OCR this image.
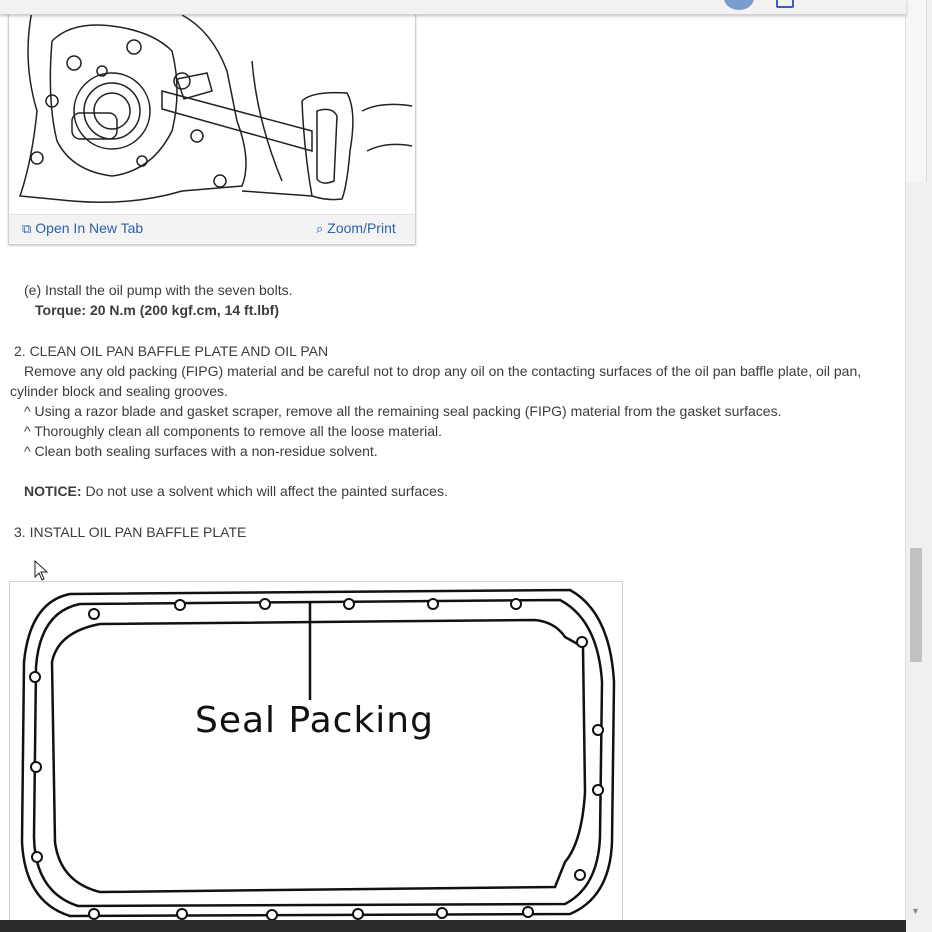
⧉ Open In New Tab	⌕ Zoom/Print
(e) Install the oil pump with the seven bolts.
Torque: 20 N.m (200 kgf.cm, 14 ft.lbf)
2. CLEAN OIL PAN BAFFLE PLATE AND OIL PAN
Remove any old packing (FIPG) material and be careful not to drop any oil on the contacting surfaces of the oil pan baffle plate, oil pan,
cylinder block and sealing grooves.
^ Using a razor blade and gasket scraper, remove all the remaining seal packing (FIPG) material from the gasket surfaces.
^ Thoroughly clean all components to remove all the loose material.
^ Clean both sealing surfaces with a non-residue solvent.
NOTICE: Do not use a solvent which will affect the painted surfaces.
3. INSTALL OIL PAN BAFFLE PLATE
Seal Packing
▼
